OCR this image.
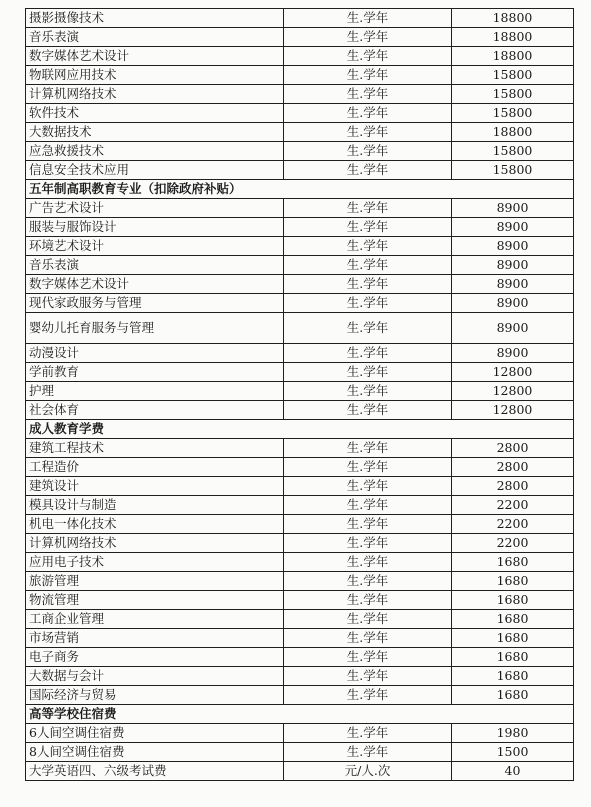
摄影摄像技术	生.学年	18800
音乐表演	生.学年	18800
数字媒体艺术设计	生.学年	18800
物联网应用技术	生.学年	15800
计算机网络技术	生.学年	15800
软件技术	生.学年	15800
大数据技术	生.学年	18800
应急救援技术	生.学年	15800
信息安全技术应用	生.学年	15800
五年制高职教育专业（扣除政府补贴）		
广告艺术设计	生.学年	8900
服装与服饰设计	生.学年	8900
环境艺术设计	生.学年	8900
音乐表演	生.学年	8900
数字媒体艺术设计	生.学年	8900
现代家政服务与管理	生.学年	8900
婴幼儿托育服务与管理	生.学年	8900
动漫设计	生.学年	8900
学前教育	生.学年	12800
护理	生.学年	12800
社会体育	生.学年	12800
成人教育学费		
建筑工程技术	生.学年	2800
工程造价	生.学年	2800
建筑设计	生.学年	2800
模具设计与制造	生.学年	2200
机电一体化技术	生.学年	2200
计算机网络技术	生.学年	2200
应用电子技术	生.学年	1680
旅游管理	生.学年	1680
物流管理	生.学年	1680
工商企业管理	生.学年	1680
市场营销	生.学年	1680
电子商务	生.学年	1680
大数据与会计	生.学年	1680
国际经济与贸易	生.学年	1680
高等学校住宿费		
6人间空调住宿费	生.学年	1980
8人间空调住宿费	生.学年	1500
大学英语四、六级考试费	元/人.次	40
